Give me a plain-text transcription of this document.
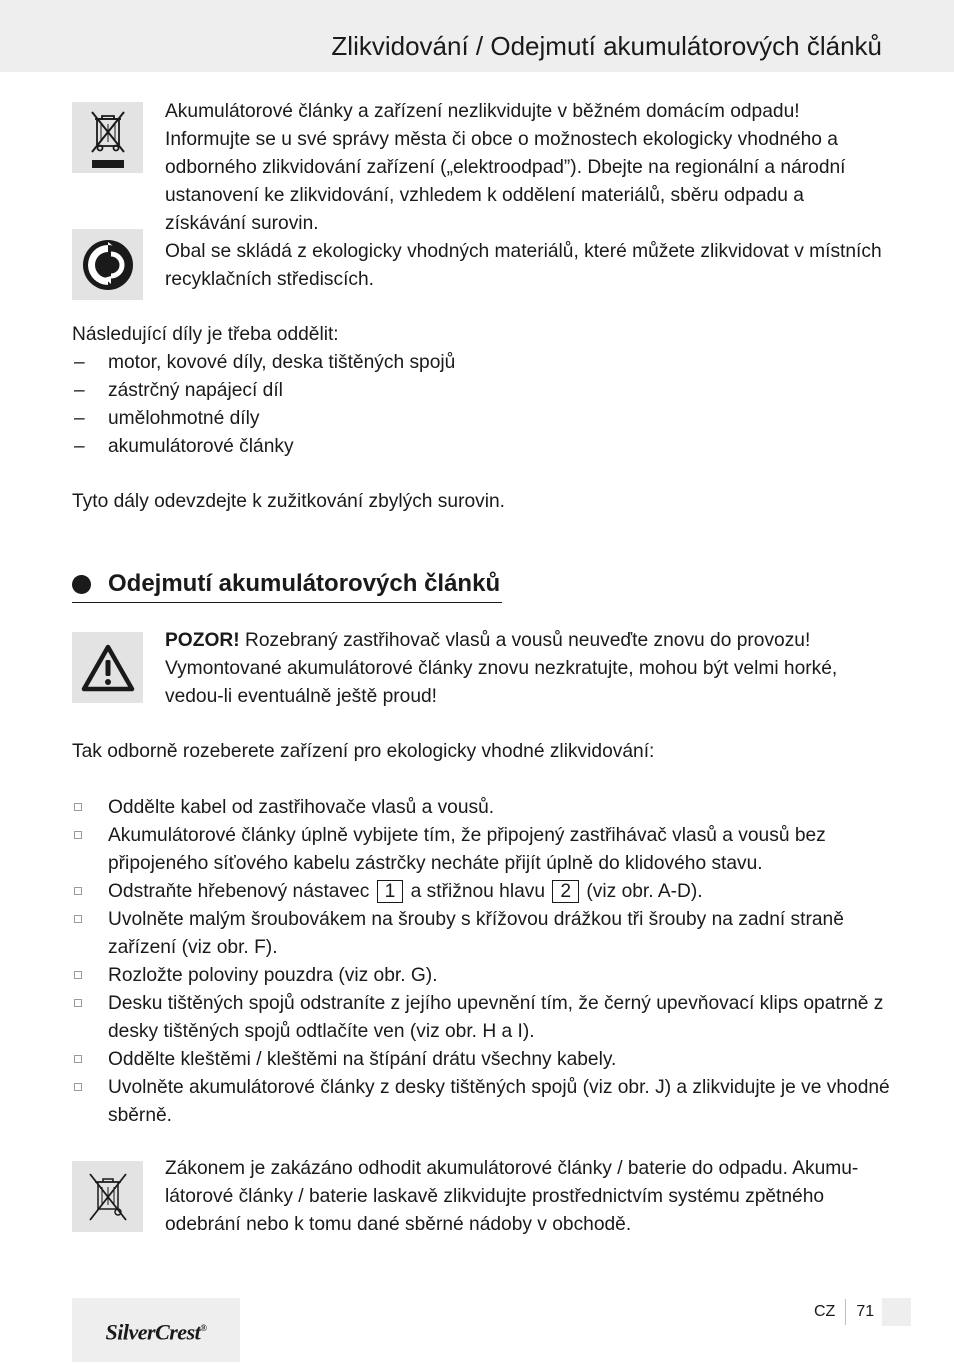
Zlikvidování / Odejmutí akumulátorových článků

Akumulátorové články a zařízení nezlikvidujte v běžném domácím odpadu! Informujte se u své správy města či obce o možnostech ekologicky vhodného a odborného zlikvidování zařízení („elektroodpad”). Dbejte na regionální a národní ustanovení ke zlikvidování, vzhledem k oddělení materiálů, sběru odpadu a získávání surovin.

Obal se skládá z ekologicky vhodných materiálů, které můžete zlikvidovat v místních recyklačních střediscích.

Následující díly je třeba oddělit:

–	motor, kovové díly, deska tištěných spojů
–	zástrčný napájecí díl
–	umělohmotné díly
–	akumulátorové články

Tyto dály odevzdejte k zužitkování zbylých surovin.

Odejmutí akumulátorových článků

POZOR! Rozebraný zastřihovač vlasů a vousů neuveďte znovu do provozu! Vymontované akumulátorové články znovu nezkratujte, mohou být velmi horké, vedou-li eventuálně ještě proud!

Tak odborně rozeberete zařízení pro ekologicky vhodné zlikvidování:

Oddělte kabel od zastřihovače vlasů a vousů.
Akumulátorové články úplně vybijete tím, že připojený zastřihávač vlasů a vousů bez připojeného síťového kabelu zástrčky necháte přijít úplně do klidového stavu.
Odstraňte hřebenový nástavec 1 a střižnou hlavu 2 (viz obr. A-D).
Uvolněte malým šroubovákem na šrouby s křížovou drážkou tři šrouby na zadní straně zařízení (viz obr. F).
Rozložte poloviny pouzdra (viz obr. G).
Desku tištěných spojů odstraníte z jejího upevnění tím, že černý upevňovací klips opatrně z desky tištěných spojů odtlačíte ven (viz obr. H a I).
Oddělte kleštěmi / kleštěmi na štípání drátu všechny kabely.
Uvolněte akumulátorové články z desky tištěných spojů (viz obr. J) a zlikvidujte je ve vhodné sběrně.

Zákonem je zakázáno odhodit akumulátorové články / baterie do odpadu. Akumu- látorové články / baterie laskavě zlikvidujte prostřednictvím systému zpětného odebrání nebo k tomu dané sběrné nádoby v obchodě.

SilverCrest®
CZ 71
